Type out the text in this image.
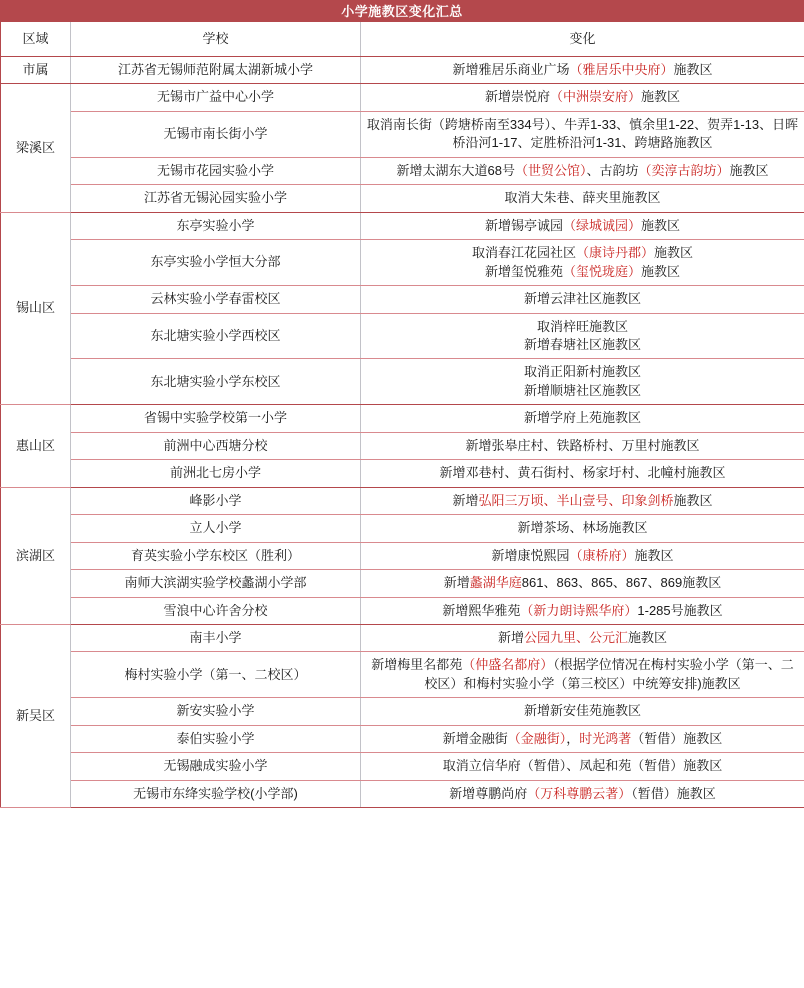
小学施教区变化汇总
区域	学校	变化
市属	江苏省无锡师范附属太湖新城小学	新增雅居乐商业广场（雅居乐中央府）施教区
梁溪区	无锡市广益中心小学	新增崇悦府（中洲崇安府）施教区
	无锡市南长街小学	取消南长街（跨塘桥南至334号）、牛弄1-33、慎余里1-22、贺弄1-13、日晖桥沿河1-17、定胜桥沿河1-31、跨塘路施教区
	无锡市花园实验小学	新增太湖东大道68号（世贸公馆）、古韵坊（奕淳古韵坊）施教区
	江苏省无锡沁园实验小学	取消大朱巷、薛夹里施教区
锡山区	东亭实验小学	新增锡亭诚园（绿城诚园）施教区
	东亭实验小学恒大分部	取消春江花园社区（康诗丹郡）施教区
新增玺悦雅苑（玺悦珑庭）施教区
	云林实验小学春雷校区	新增云津社区施教区
	东北塘实验小学西校区	取消梓旺施教区
新增春塘社区施教区
	东北塘实验小学东校区	取消正阳新村施教区
新增顺塘社区施教区
惠山区	省锡中实验学校第一小学	新增学府上苑施教区
	前洲中心西塘分校	新增张皋庄村、铁路桥村、万里村施教区
	前洲北七房小学	新增邓巷村、黄石街村、杨家圩村、北幢村施教区
滨湖区	峰影小学	新增弘阳三万顷、半山壹号、印象剑桥施教区
	立人小学	新增茶场、林场施教区
	育英实验小学东校区（胜利）	新增康悦熙园（康桥府）施教区
	南师大滨湖实验学校蠡湖小学部	新增蠡湖华庭861、863、865、867、869施教区
	雪浪中心许舍分校	新增熙华雅苑（新力朗诗熙华府）1-285号施教区
新吴区	南丰小学	新增公园九里、公元汇施教区
	梅村实验小学（第一、二校区）	新增梅里名都苑（仲盛名都府）（根据学位情况在梅村实验小学（第一、二校区）和梅村实验小学（第三校区）中统筹安排)施教区
	新安实验小学	新增新安佳苑施教区
	泰伯实验小学	新增金融街（金融街），时光鸿著（暂借）施教区
	无锡融成实验小学	取消立信华府（暂借）、凤起和苑（暂借）施教区
	无锡市东绛实验学校(小学部)	新增尊鹏尚府（万科尊鹏云著）（暂借）施教区
